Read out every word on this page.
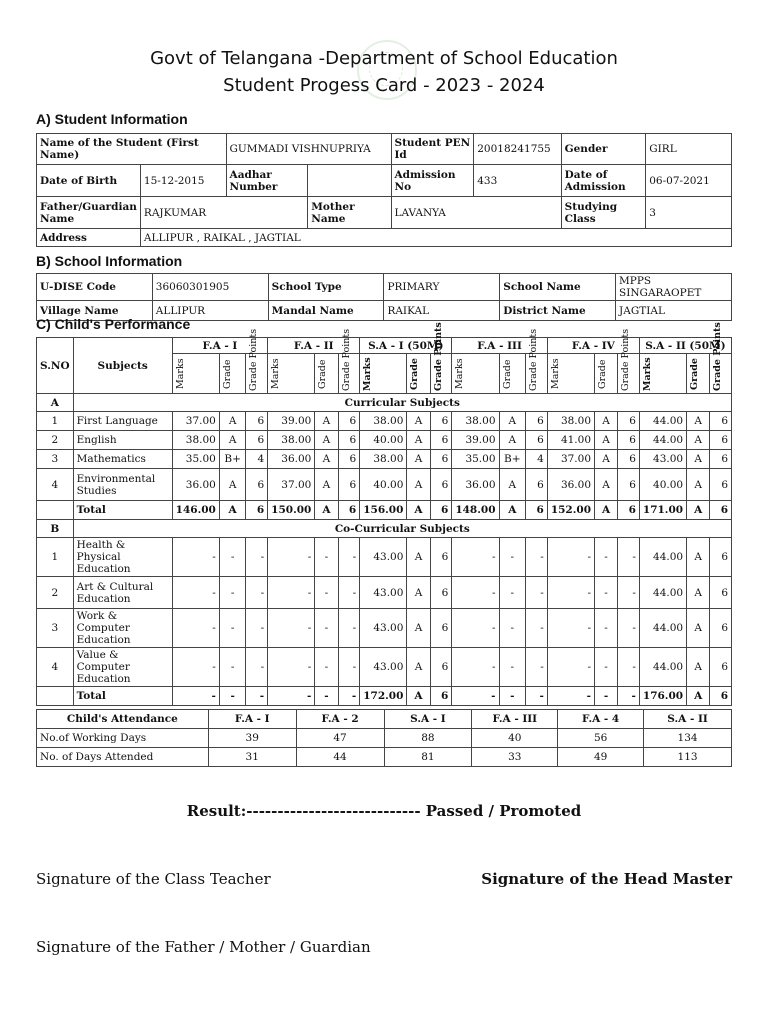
Govt of Telangana -Department of School Education
Student Progess Card - 2023 - 2024
A) Student Information
Name of the Student (First Name)		GUMMADI VISHNUPRIYA		Student PEN Id	20018241755	Gender	GIRL
Date of Birth	15-12-2015	Aadhar Number		Admission No	433	Date of Admission	06-07-2021
Father/Guardian Name	RAJKUMAR		Mother Name	LAVANYA		Studying Class	3
Address	ALLIPUR , RAIKAL , JAGTIAL						
B) School Information
U-DISE Code	36060301905	School Type	PRIMARY	School Name	MPPS SINGARAOPET
Village Name	ALLIPUR	Mandal Name	RAIKAL	District Name	JAGTIAL
C) Child's Performance
S.NO	Subjects	F.A - I			F.A - II			S.A - I (50M)			F.A - III			F.A - IV			S.A - II (50M)		

		Marks	Grade	Grade Points	Marks	Grade	Grade Points	Marks	Grade	Grade Points	Marks	Grade	Grade Points	Marks	Grade	Grade Points	Marks	Grade	Grade Points

A	Curricular Subjects																		
1	First Language	37.00	A	6	39.00	A	6	38.00	A	6	38.00	A	6	38.00	A	6	44.00	A	6
2	English	38.00	A	6	38.00	A	6	40.00	A	6	39.00	A	6	41.00	A	6	44.00	A	6
3	Mathematics	35.00	B+	4	36.00	A	6	38.00	A	6	35.00	B+	4	37.00	A	6	43.00	A	6
4	Environmental Studies	36.00	A	6	37.00	A	6	40.00	A	6	36.00	A	6	36.00	A	6	40.00	A	6
	Total	146.00	A	6	150.00	A	6	156.00	A	6	148.00	A	6	152.00	A	6	171.00	A	6
B	Co-Curricular Subjects																		
1	Health & Physical Education	-	-	-	-	-	-	43.00	A	6	-	-	-	-	-	-	44.00	A	6
2	Art & Cultural Education	-	-	-	-	-	-	43.00	A	6	-	-	-	-	-	-	44.00	A	6
3	Work & Computer Education	-	-	-	-	-	-	43.00	A	6	-	-	-	-	-	-	44.00	A	6
4	Value & Computer Education	-	-	-	-	-	-	43.00	A	6	-	-	-	-	-	-	44.00	A	6
	Total	-	-	-	-	-	-	172.00	A	6	-	-	-	-	-	-	176.00	A	6
Child's Attendance	F.A - I	F.A - 2	S.A - I	F.A - III	F.A - 4	S.A - II
No.of Working Days	39	47	88	40	56	134
No. of Days Attended	31	44	81	33	49	113
Result:---------------------------- Passed / Promoted
Signature of the Class Teacher	Signature of the Head Master
Signature of the Father / Mother / Guardian
